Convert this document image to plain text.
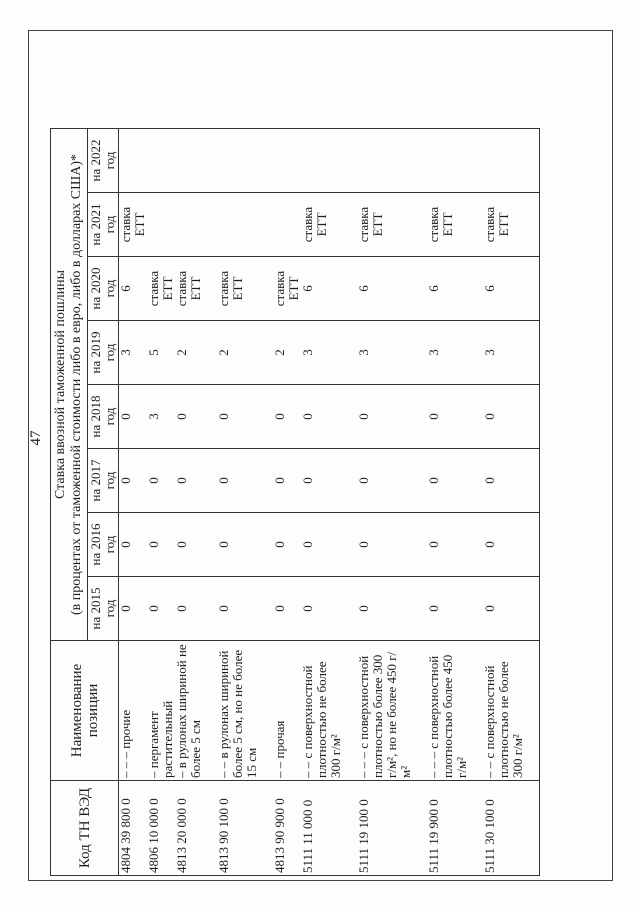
47
Код ТН ВЭД	Наименование позиции	Ставка ввозной таможенной пошлины							
		(в процентах от таможенной стоимости либо в евро, либо в долларах США)*							
		на 2015 год	на 2016 год	на 2017 год	на 2018 год	на 2019 год	на 2020 год	на 2021 год	на 2022 год
4804 39 800 0	– – – прочие	0	0	0	0	3	6	ставка ЕТТ	
4806 10 000 0	– пергамент растительный	0	0	0	3	5	ставка ЕТТ		
4813 20 000 0	– в рулонах шириной не более 5 см	0	0	0	0	2	ставка ЕТТ		
4813 90 100 0	– – в рулонах шириной более 5 см, но не более 15 см	0	0	0	0	2	ставка ЕТТ		
4813 90 900 0	– – прочая	0	0	0	0	2	ставка ЕТТ		
5111 11 000 0	– – с поверхностной плотностью не более 300 г/м²	0	0	0	0	3	6	ставка ЕТТ	
5111 19 100 0	– – – с поверхностной плотностью более 300 г/м², но не более 450 г/м²	0	0	0	0	3	6	ставка ЕТТ	
5111 19 900 0	– – – с поверхностной плотностью более 450 г/м²	0	0	0	0	3	6	ставка ЕТТ	
5111 30 100 0	– – с поверхностной плотностью не более 300 г/м²	0	0	0	0	3	6	ставка ЕТТ	
